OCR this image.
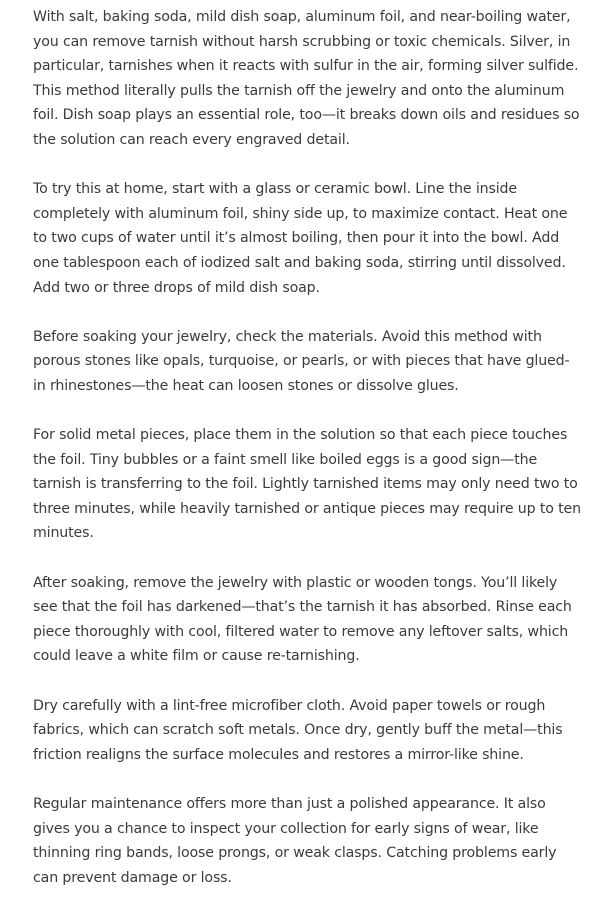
With salt, baking soda, mild dish soap, aluminum foil, and near-boiling water, you can remove tarnish without harsh scrubbing or toxic chemicals. Silver, in particular, tarnishes when it reacts with sulfur in the air, forming silver sulfide. This method literally pulls the tarnish off the jewelry and onto the aluminum foil. Dish soap plays an essential role, too—it breaks down oils and residues so the solution can reach every engraved detail.

To try this at home, start with a glass or ceramic bowl. Line the inside completely with aluminum foil, shiny side up, to maximize contact. Heat one to two cups of water until it’s almost boiling, then pour it into the bowl. Add one tablespoon each of iodized salt and baking soda, stirring until dissolved. Add two or three drops of mild dish soap.

Before soaking your jewelry, check the materials. Avoid this method with porous stones like opals, turquoise, or pearls, or with pieces that have glued-in rhinestones—the heat can loosen stones or dissolve glues.

For solid metal pieces, place them in the solution so that each piece touches the foil. Tiny bubbles or a faint smell like boiled eggs is a good sign—the tarnish is transferring to the foil. Lightly tarnished items may only need two to three minutes, while heavily tarnished or antique pieces may require up to ten minutes.

After soaking, remove the jewelry with plastic or wooden tongs. You’ll likely see that the foil has darkened—that’s the tarnish it has absorbed. Rinse each piece thoroughly with cool, filtered water to remove any leftover salts, which could leave a white film or cause re-tarnishing.

Dry carefully with a lint-free microfiber cloth. Avoid paper towels or rough fabrics, which can scratch soft metals. Once dry, gently buff the metal—this friction realigns the surface molecules and restores a mirror-like shine.

Regular maintenance offers more than just a polished appearance. It also gives you a chance to inspect your collection for early signs of wear, like thinning ring bands, loose prongs, or weak clasps. Catching problems early can prevent damage or loss.
